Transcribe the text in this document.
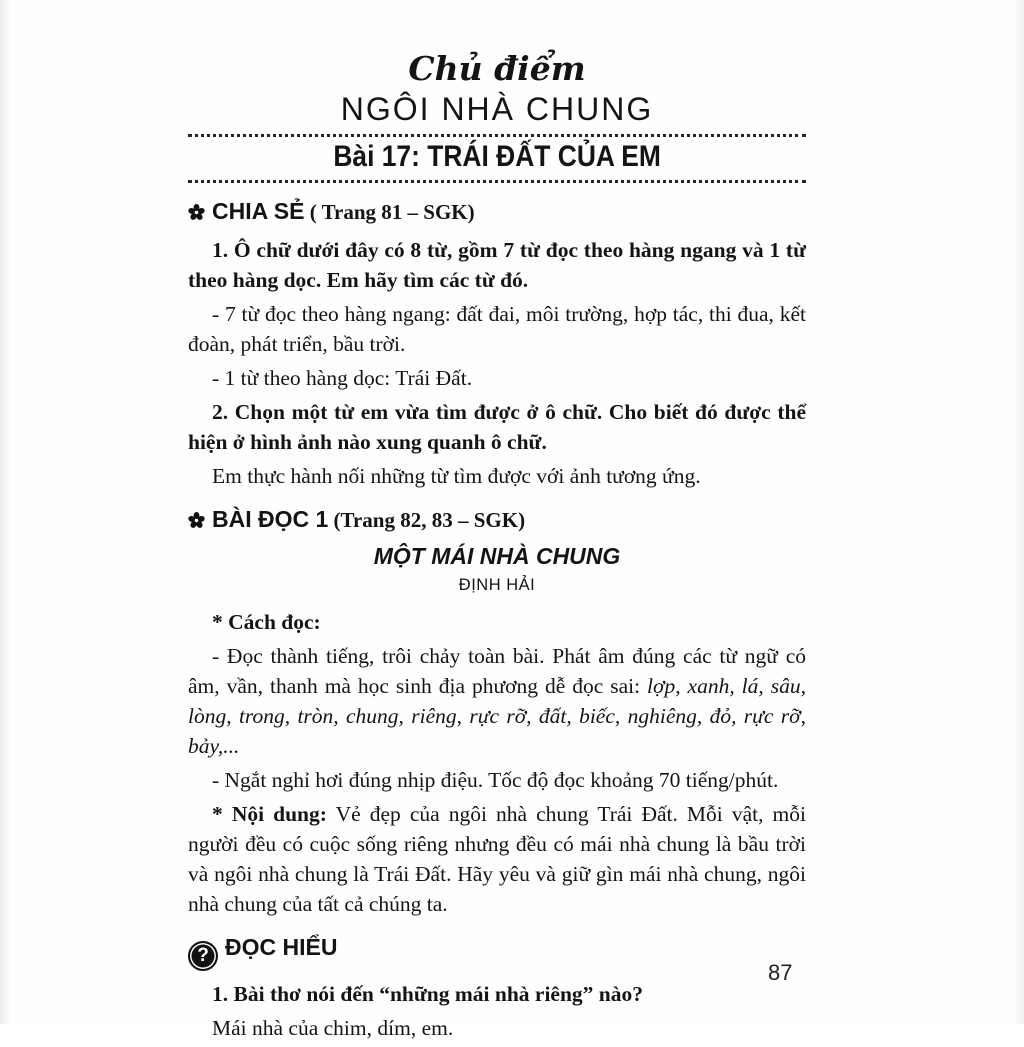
Chủ điểm
NGÔI NHÀ CHUNG
Bài 17: TRÁI ĐẤT CỦA EM
CHIA SẺ ( Trang 81 – SGK)

1. Ô chữ dưới đây có 8 từ, gồm 7 từ đọc theo hàng ngang và 1 từ theo hàng dọc. Em hãy tìm các từ đó.

- 7 từ đọc theo hàng ngang: đất đai, môi trường, hợp tác, thi đua, kết đoàn, phát triển, bầu trời.

- 1 từ theo hàng dọc: Trái Đất.

2. Chọn một từ em vừa tìm được ở ô chữ. Cho biết đó được thể hiện ở hình ảnh nào xung quanh ô chữ.

Em thực hành nối những từ tìm được với ảnh tương ứng.

BÀI ĐỌC 1 (Trang 82, 83 – SGK)
MỘT MÁI NHÀ CHUNG
ĐỊNH HẢI

* Cách đọc:

- Đọc thành tiếng, trôi chảy toàn bài. Phát âm đúng các từ ngữ có âm, vần, thanh mà học sinh địa phương dễ đọc sai: lợp, xanh, lá, sâu, lòng, trong, tròn, chung, riêng, rực rỡ, đất, biếc, nghiêng, đỏ, rực rỡ, bảy,...

- Ngắt nghỉ hơi đúng nhịp điệu. Tốc độ đọc khoảng 70 tiếng/phút.

* Nội dung: Vẻ đẹp của ngôi nhà chung Trái Đất. Mỗi vật, mỗi người đều có cuộc sống riêng nhưng đều có mái nhà chung là bầu trời và ngôi nhà chung là Trái Đất. Hãy yêu và giữ gìn mái nhà chung, ngôi nhà chung của tất cả chúng ta.

? ĐỌC HIỂU

1. Bài thơ nói đến “những mái nhà riêng” nào?

Mái nhà của chim, dím, em.

87
